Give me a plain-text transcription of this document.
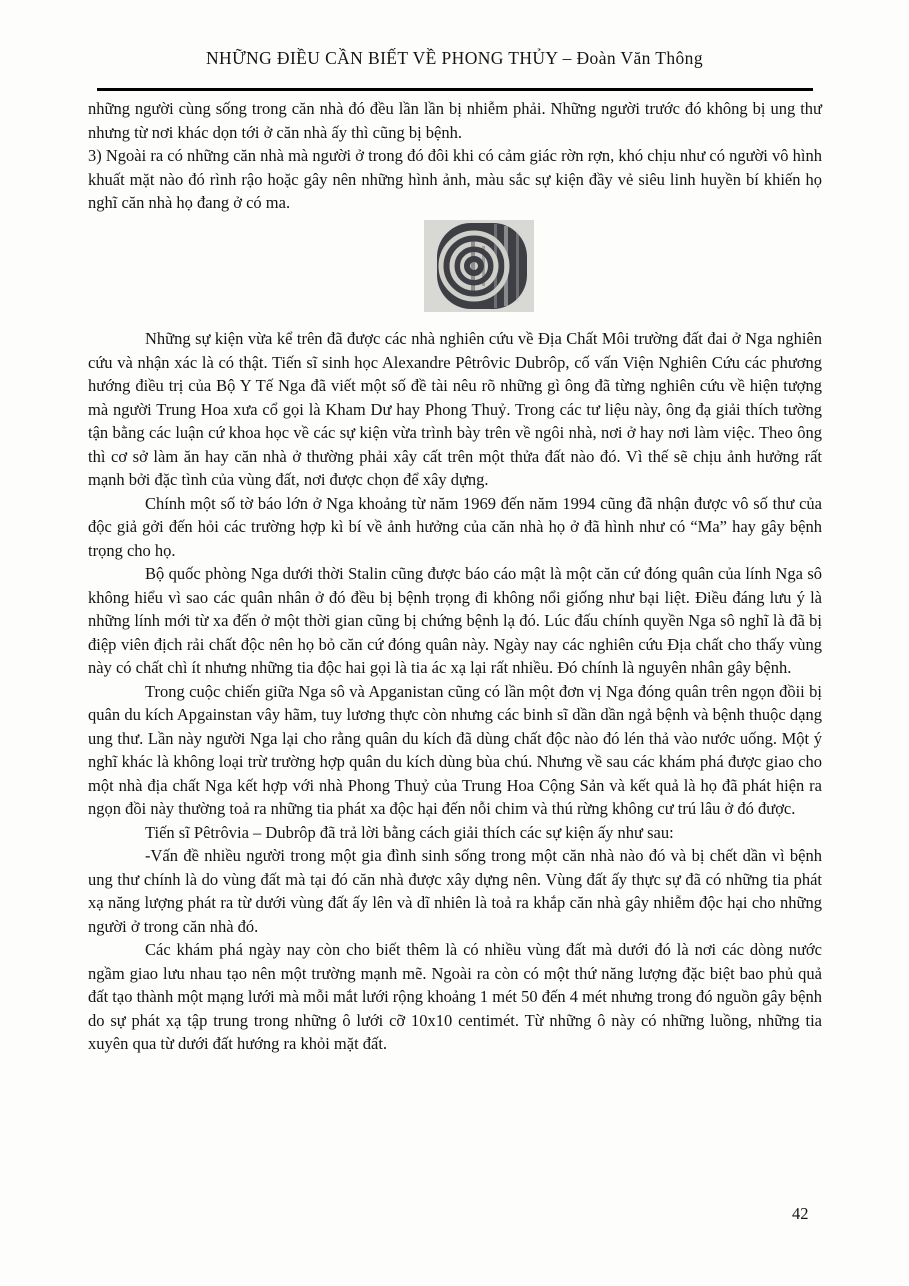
NHỮNG ĐIỀU CẦN BIẾT VỀ PHONG THỦY – Đoàn Văn Thông

những người cùng sống trong căn nhà đó đều lần lần bị nhiễm phải. Những người trước đó không bị ung thư nhưng từ nơi khác dọn tới ở căn nhà ấy thì cũng bị bệnh.

3) Ngoài ra có những căn nhà mà người ở trong đó đôi khi có cảm giác rờn rợn, khó chịu như có người vô hình khuất mặt nào đó rình rậo hoặc gây nên những hình ảnh, màu sắc sự kiện đầy vẻ siêu linh huyền bí khiến họ nghĩ căn nhà họ đang ở có ma.

Những sự kiện vừa kể trên đã được các nhà nghiên cứu về Địa Chất Môi trường đất đai ở Nga nghiên cứu và nhận xác là có thật. Tiến sĩ sinh học Alexandre Pêtrôvic Dubrôp, cố vấn Viện Nghiên Cứu các phương hướng điều trị của Bộ Y Tế Nga đã viết một số đề tài nêu rõ những gì ông đã từng nghiên cứu về hiện tượng mà người Trung Hoa xưa cổ gọi là Kham Dư hay Phong Thuỷ. Trong các tư liệu này, ông đạ giải thích tường tận bằng các luận cứ khoa học về các sự kiện vừa trình bày trên về ngôi nhà, nơi ở hay nơi làm việc. Theo ông thì cơ sở làm ăn hay căn nhà ở thường phải xây cất trên một thửa đất nào đó. Vì thế sẽ chịu ảnh hưởng rất mạnh bởi đặc tình của vùng đất, nơi được chọn để xây dựng.

Chính một số tờ báo lớn ở Nga khoảng từ năm 1969 đến năm 1994 cũng đã nhận được vô số thư của độc giả gởi đến hỏi các trường hợp kì bí về ảnh hưởng của căn nhà họ ở đã hình như có “Ma” hay gây bệnh trọng cho họ.

Bộ quốc phòng Nga dưới thời Stalin cũng được báo cáo mật là một căn cứ đóng quân của lính Nga sô không hiểu vì sao các quân nhân ở đó đều bị bệnh trọng đi không nổi giống như bại liệt. Điều đáng lưu ý là những lính mới từ xa đến ở một thời gian cũng bị chứng bệnh lạ đó. Lúc đấu chính quyền Nga sô nghĩ là đã bị điệp viên địch rải chất độc nên họ bỏ căn cứ đóng quân này. Ngày nay các nghiên cứu Địa chất cho thấy vùng này có chất chì ít nhưng những tia độc hai gọi là tia ác xạ lại rất nhiều. Đó chính là nguyên nhân gây bệnh.

Trong cuộc chiến giữa Nga sô và Apganistan cũng có lần một đơn vị Nga đóng quân trên ngọn đồii bị quân du kích Apgainstan vây hãm, tuy lương thực còn nhưng các binh sĩ dần dần ngả bệnh và bệnh thuộc dạng ung thư. Lần này người Nga lại cho rằng quân du kích đã dùng chất độc nào đó lén thả vào nước uống. Một ý nghĩ khác là không loại trừ trường hợp quân du kích dùng bùa chú. Nhưng về sau các khám phá được giao cho một nhà địa chất Nga kết hợp với nhà Phong Thuỷ của Trung Hoa Cộng Sản và kết quả là họ đã phát hiện ra ngọn đồi này thường toả ra những tia phát xa độc hại đến nỗi chim và thú rừng không cư trú lâu ở đó được.

Tiến sĩ Pêtrôvia – Dubrôp đã trả lời bằng cách giải thích các sự kiện ấy như sau:

-Vấn đề nhiều người trong một gia đình sinh sống trong một căn nhà nào đó và bị chết dần vì bệnh ung thư chính là do vùng đất mà tại đó căn nhà được xây dựng nên. Vùng đất ấy thực sự đã có những tia phát xạ năng lượng phát ra từ dưới vùng đất ấy lên và dĩ nhiên là toả ra khắp căn nhà gây nhiễm độc hại cho những người ở trong căn nhà đó.

Các khám phá ngày nay còn cho biết thêm là có nhiều vùng đất mà dưới đó là nơi các dòng nước ngầm giao lưu nhau tạo nên một trường mạnh mẽ. Ngoài ra còn có một thứ năng lượng đặc biệt bao phủ quả đất tạo thành một mạng lưới mà mỗi mắt lưới rộng khoảng 1 mét 50 đến 4 mét nhưng trong đó nguồn gây bệnh do sự phát xạ tập trung trong những ô lưới cỡ 10x10 centimét. Từ những ô này có những luồng, những tia xuyên qua từ dưới đất hướng ra khỏi mặt đất.

42
